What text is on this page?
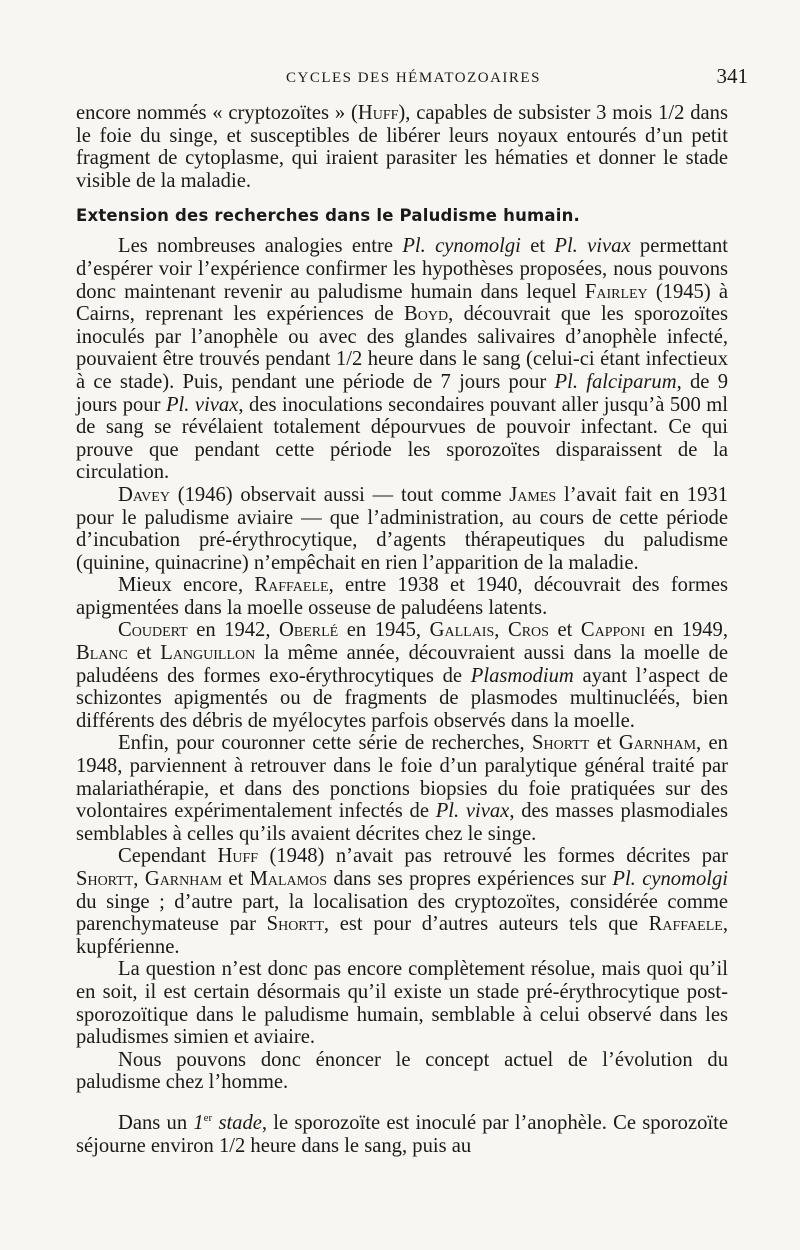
CYCLES DES HÉMATOZOAIRES	341

encore nommés « cryptozoïtes » (Huff), capables de subsister 3 mois 1/2 dans le foie du singe, et susceptibles de libérer leurs noyaux entourés d’un petit fragment de cytoplasme, qui iraient parasiter les hématies et donner le stade visible de la maladie.

Extension des recherches dans le Paludisme humain.

Les nombreuses analogies entre Pl. cynomolgi et Pl. vivax permettant d’espérer voir l’expérience confirmer les hypothèses proposées, nous pouvons donc maintenant revenir au paludisme humain dans lequel Fairley (1945) à Cairns, reprenant les expériences de Boyd, découvrait que les sporozoïtes inoculés par l’anophèle ou avec des glandes salivaires d’anophèle infecté, pouvaient être trouvés pendant 1/2 heure dans le sang (celui-ci étant infectieux à ce stade). Puis, pendant une période de 7 jours pour Pl. falciparum, de 9 jours pour Pl. vivax, des inoculations secondaires pouvant aller jusqu’à 500 ml de sang se révélaient totalement dépourvues de pouvoir infectant. Ce qui prouve que pendant cette période les sporozoïtes disparaissent de la circulation.

Davey (1946) observait aussi — tout comme James l’avait fait en 1931 pour le paludisme aviaire — que l’administration, au cours de cette période d’incubation pré-érythrocytique, d’agents thérapeutiques du paludisme (quinine, quinacrine) n’empêchait en rien l’apparition de la maladie.

Mieux encore, Raffaele, entre 1938 et 1940, découvrait des formes apigmentées dans la moelle osseuse de paludéens latents.

Coudert en 1942, Oberlé en 1945, Gallais, Cros et Capponi en 1949, Blanc et Languillon la même année, découvraient aussi dans la moelle de paludéens des formes exo-érythrocytiques de Plasmodium ayant l’aspect de schizontes apigmentés ou de fragments de plasmodes multinucléés, bien différents des débris de myélocytes parfois observés dans la moelle.

Enfin, pour couronner cette série de recherches, Shortt et Garnham, en 1948, parviennent à retrouver dans le foie d’un paralytique général traité par malariathérapie, et dans des ponctions biopsies du foie pratiquées sur des volontaires expérimentalement infectés de Pl. vivax, des masses plasmodiales semblables à celles qu’ils avaient décrites chez le singe.

Cependant Huff (1948) n’avait pas retrouvé les formes décrites par Shortt, Garnham et Malamos dans ses propres expériences sur Pl. cynomolgi du singe ; d’autre part, la localisation des cryptozoïtes, considérée comme parenchymateuse par Shortt, est pour d’autres auteurs tels que Raffaele, kupférienne.

La question n’est donc pas encore complètement résolue, mais quoi qu’il en soit, il est certain désormais qu’il existe un stade pré-érythrocytique post-sporozoïtique dans le paludisme humain, semblable à celui observé dans les paludismes simien et aviaire.

Nous pouvons donc énoncer le concept actuel de l’évolution du paludisme chez l’homme.

Dans un 1er stade, le sporozoïte est inoculé par l’anophèle. Ce sporozoïte séjourne environ 1/2 heure dans le sang, puis au
